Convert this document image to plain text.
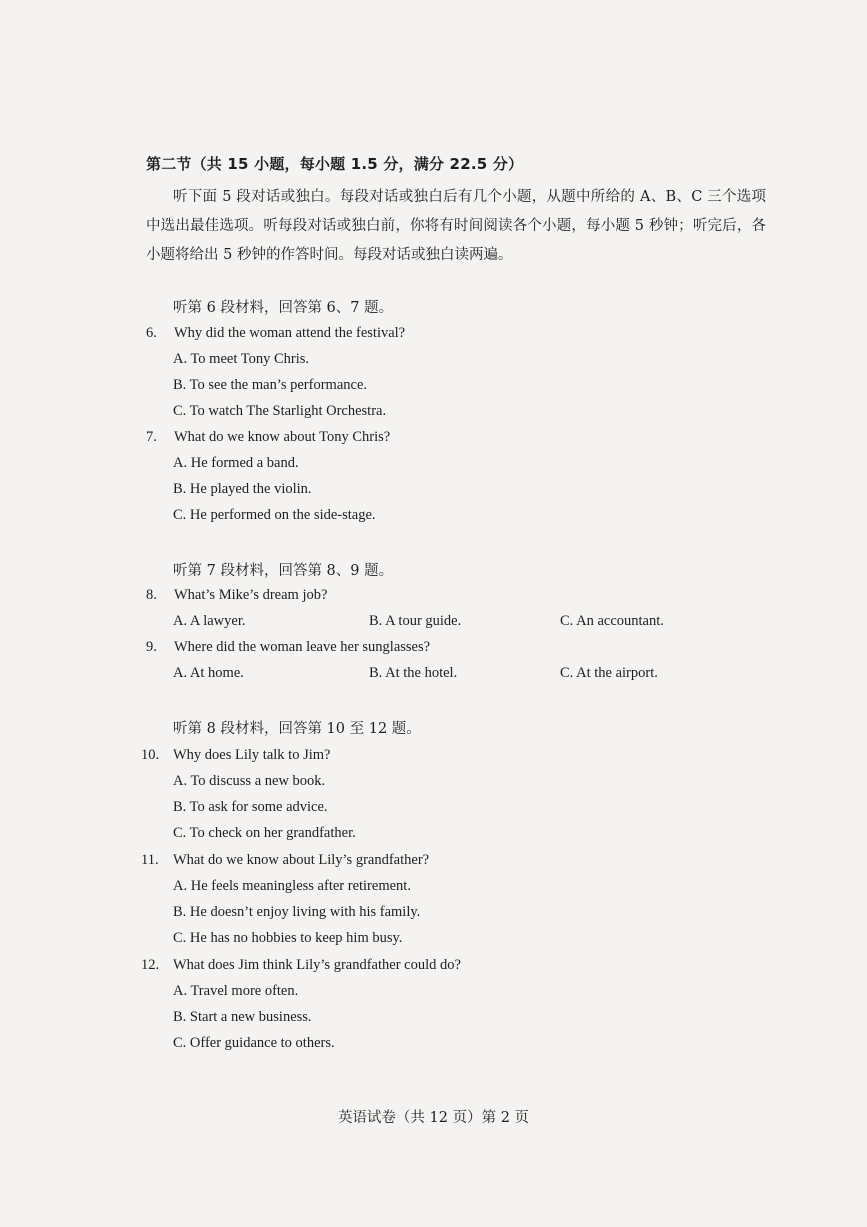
第二节（共 15 小题，每小题 1.5 分，满分 22.5 分）
听下面 5 段对话或独白。每段对话或独白后有几个小题，从题中所给的 A、B、C 三个选项中选出最佳选项。听每段对话或独白前，你将有时间阅读各个小题，每小题 5 秒钟；听完后，各小题将给出 5 秒钟的作答时间。每段对话或独白读两遍。
听第 6 段材料，回答第 6、7 题。
6. Why did the woman attend the festival?
A. To meet Tony Chris.
B. To see the man’s performance.
C. To watch The Starlight Orchestra.
7. What do we know about Tony Chris?
A. He formed a band.
B. He played the violin.
C. He performed on the side-stage.
听第 7 段材料，回答第 8、9 题。
8. What’s Mike’s dream job?
A. A lawyer.	B. A tour guide.	C. An accountant.
9. Where did the woman leave her sunglasses?
A. At home.	B. At the hotel.	C. At the airport.
听第 8 段材料，回答第 10 至 12 题。
10. Why does Lily talk to Jim?
A. To discuss a new book.
B. To ask for some advice.
C. To check on her grandfather.
11. What do we know about Lily’s grandfather?
A. He feels meaningless after retirement.
B. He doesn’t enjoy living with his family.
C. He has no hobbies to keep him busy.
12. What does Jim think Lily’s grandfather could do?
A. Travel more often.
B. Start a new business.
C. Offer guidance to others.
英语试卷（共 12 页）第 2 页
